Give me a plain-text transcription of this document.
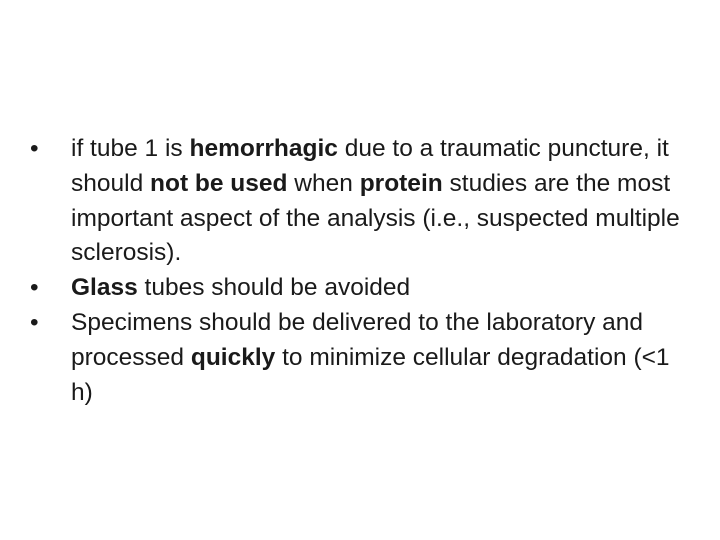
•	if tube 1 is hemorrhagic due to a traumatic puncture, it should not be used when protein studies are the most important aspect of the analysis (i.e., suspected multiple sclerosis).
•	Glass tubes should be avoided
•	Specimens should be delivered to the laboratory and processed quickly to minimize cellular degradation (<1 h)
